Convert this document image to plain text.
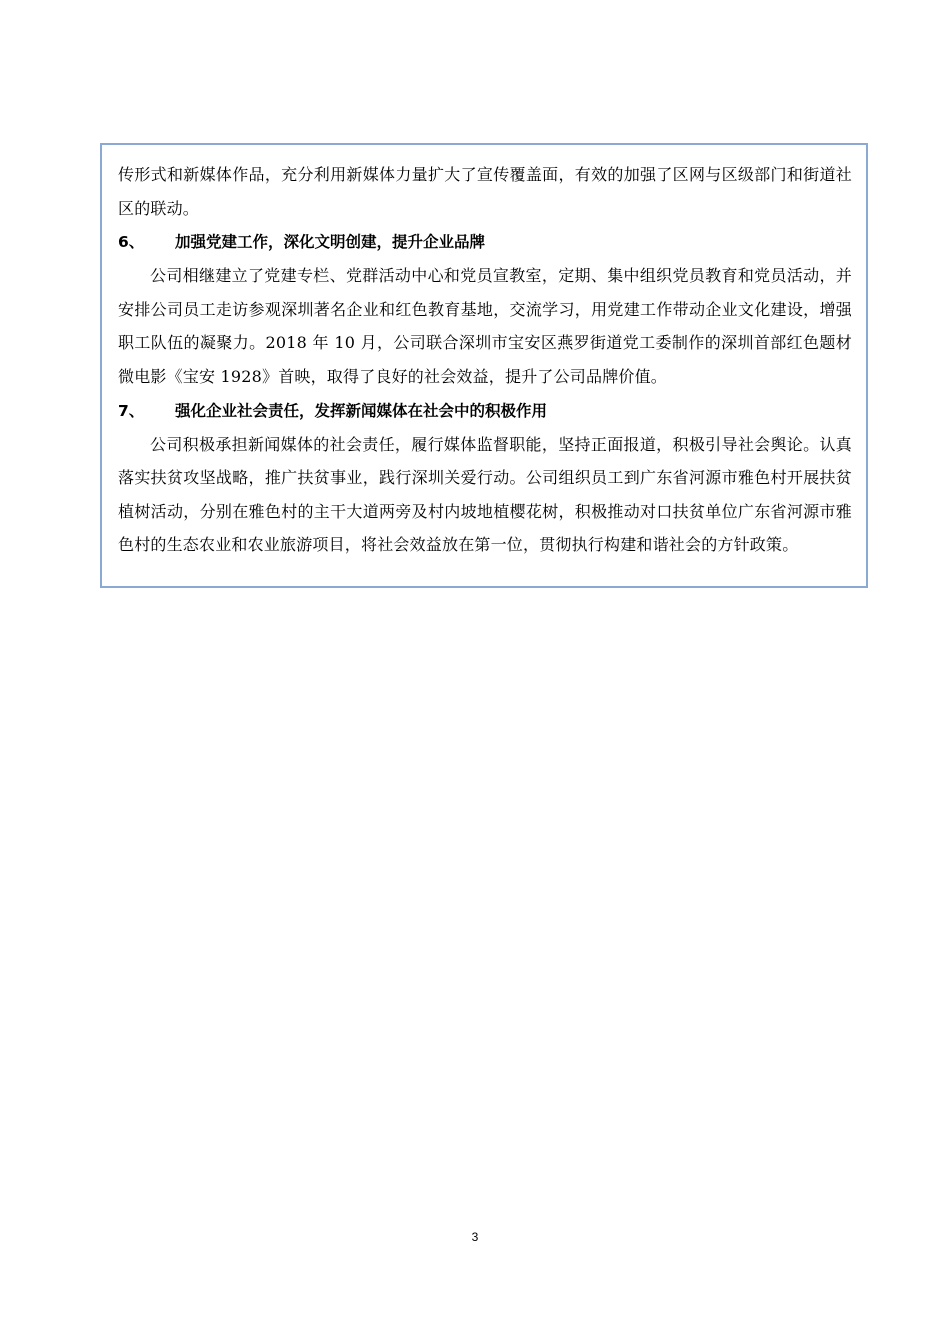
传形式和新媒体作品，充分利用新媒体力量扩大了宣传覆盖面，有效的加强了区网与区级部门和街道社区的联动。

6、	加强党建工作，深化文明创建，提升企业品牌

公司相继建立了党建专栏、党群活动中心和党员宣教室，定期、集中组织党员教育和党员活动，并安排公司员工走访参观深圳著名企业和红色教育基地，交流学习，用党建工作带动企业文化建设，增强职工队伍的凝聚力。2018 年 10 月，公司联合深圳市宝安区燕罗街道党工委制作的深圳首部红色题材微电影《宝安 1928》首映，取得了良好的社会效益，提升了公司品牌价值。

7、	强化企业社会责任，发挥新闻媒体在社会中的积极作用

公司积极承担新闻媒体的社会责任，履行媒体监督职能，坚持正面报道，积极引导社会舆论。认真落实扶贫攻坚战略，推广扶贫事业，践行深圳关爱行动。公司组织员工到广东省河源市雅色村开展扶贫植树活动，分别在雅色村的主干大道两旁及村内坡地植樱花树，积极推动对口扶贫单位广东省河源市雅色村的生态农业和农业旅游项目，将社会效益放在第一位，贯彻执行构建和谐社会的方针政策。

3
